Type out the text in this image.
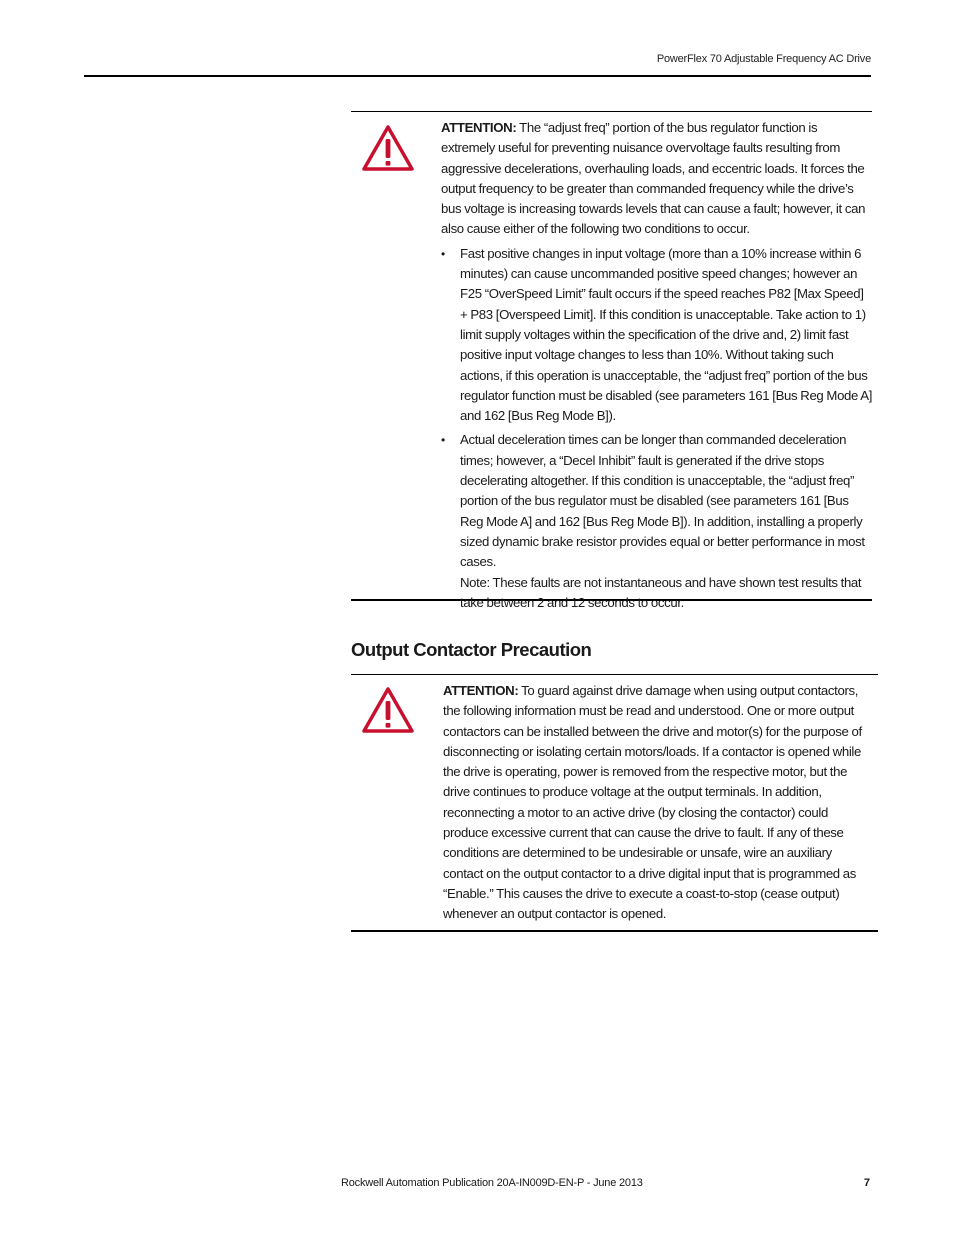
PowerFlex 70 Adjustable Frequency AC Drive

ATTENTION: The “adjust freq” portion of the bus regulator function is extremely useful for preventing nuisance overvoltage faults resulting from aggressive decelerations, overhauling loads, and eccentric loads. It forces the output frequency to be greater than commanded frequency while the drive’s bus voltage is increasing towards levels that can cause a fault; however, it can also cause either of the following two conditions to occur.

• Fast positive changes in input voltage (more than a 10% increase within 6 minutes) can cause uncommanded positive speed changes; however an F25 “OverSpeed Limit” fault occurs if the speed reaches P82 [Max Speed] + P83 [Overspeed Limit]. If this condition is unacceptable. Take action to 1) limit supply voltages within the specification of the drive and, 2) limit fast positive input voltage changes to less than 10%. Without taking such actions, if this operation is unacceptable, the “adjust freq” portion of the bus regulator function must be disabled (see parameters 161 [Bus Reg Mode A] and 162 [Bus Reg Mode B]).
• Actual deceleration times can be longer than commanded deceleration times; however, a “Decel Inhibit” fault is generated if the drive stops decelerating altogether. If this condition is unacceptable, the “adjust freq” portion of the bus regulator must be disabled (see parameters 161 [Bus Reg Mode A] and 162 [Bus Reg Mode B]). In addition, installing a properly sized dynamic brake resistor provides equal or better performance in most cases.
Note: These faults are not instantaneous and have shown test results that take between 2 and 12 seconds to occur.
Output Contactor Precaution

ATTENTION: To guard against drive damage when using output contactors, the following information must be read and understood. One or more output contactors can be installed between the drive and motor(s) for the purpose of disconnecting or isolating certain motors/loads. If a contactor is opened while the drive is operating, power is removed from the respective motor, but the drive continues to produce voltage at the output terminals. In addition, reconnecting a motor to an active drive (by closing the contactor) could produce excessive current that can cause the drive to fault. If any of these conditions are determined to be undesirable or unsafe, wire an auxiliary contact on the output contactor to a drive digital input that is programmed as “Enable.” This causes the drive to execute a coast-to-stop (cease output) whenever an output contactor is opened.

Rockwell Automation Publication 20A-IN009D-EN-P - June 2013	7
